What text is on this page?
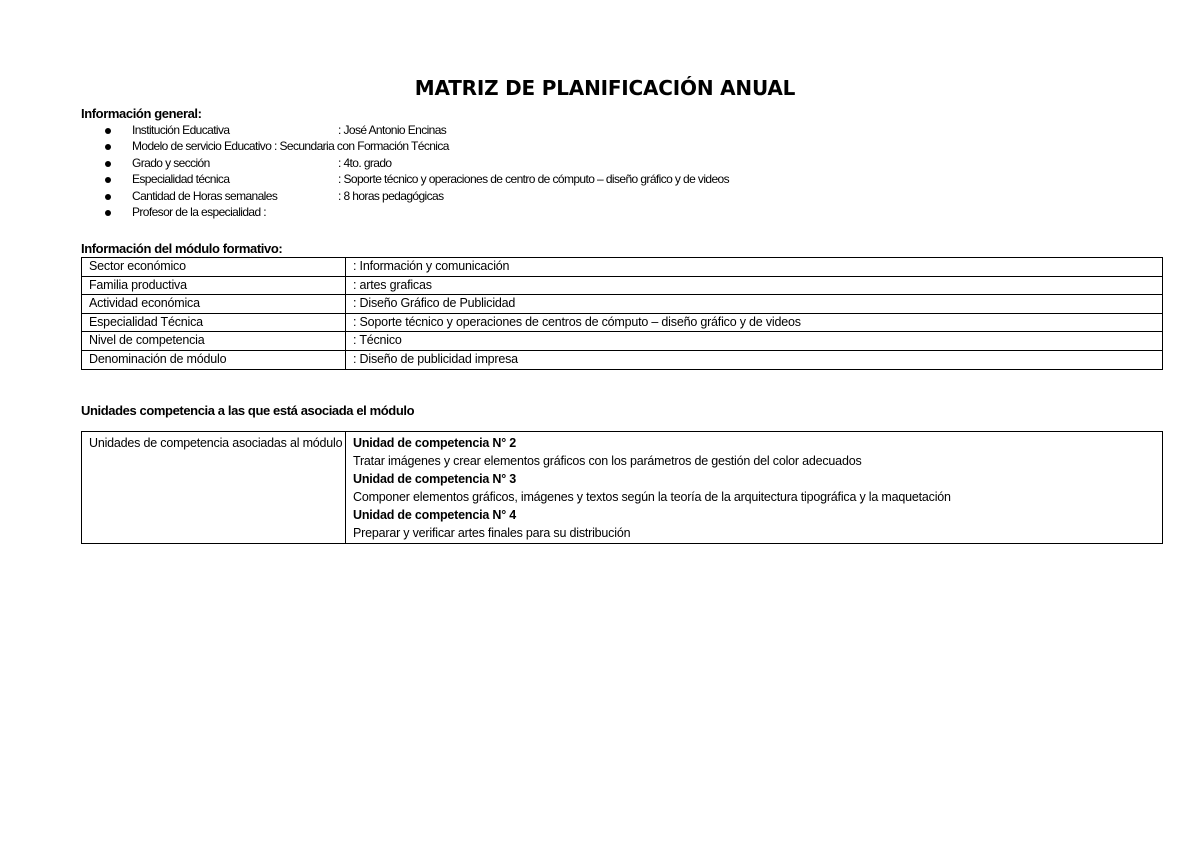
MATRIZ DE PLANIFICACIÓN ANUAL
Información general:
Institución Educativa	: José Antonio Encinas
Modelo de servicio Educativo : Secundaria con Formación Técnica
Grado y sección	: 4to. grado
Especialidad técnica	: Soporte técnico y operaciones de centro de cómputo – diseño gráfico y de videos
Cantidad de Horas semanales	: 8 horas pedagógicas
Profesor de la especialidad :
Información del módulo formativo:
Sector económico	: Información y comunicación
Familia productiva	: artes graficas
Actividad económica	: Diseño Gráfico de Publicidad
Especialidad Técnica	: Soporte técnico y operaciones de centros de cómputo – diseño gráfico y de videos
Nivel de competencia	: Técnico
Denominación de módulo	: Diseño de publicidad impresa
Unidades competencia a las que está asociada el módulo
Unidades de competencia asociadas al módulo	Unidad de competencia N° 2
Tratar imágenes y crear elementos gráficos con los parámetros de gestión del color adecuados
Unidad de competencia N° 3
Componer elementos gráficos, imágenes y textos según la teoría de la arquitectura tipográfica y la maquetación
Unidad de competencia N° 4
Preparar y verificar artes finales para su distribución
